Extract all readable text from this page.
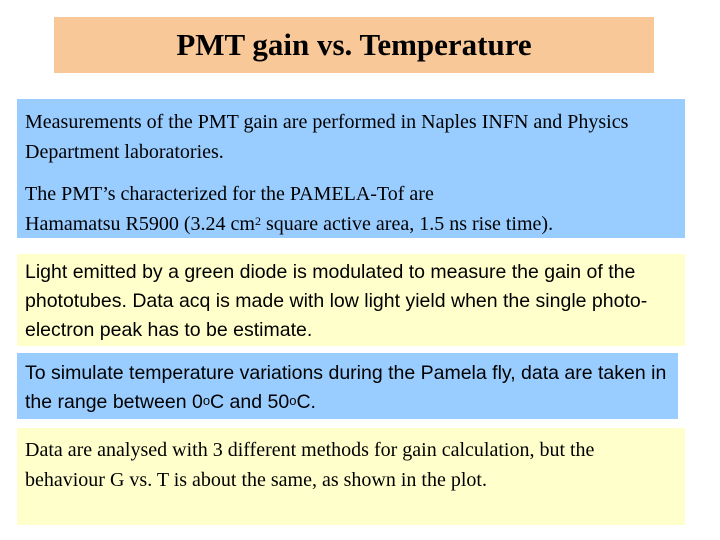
PMT gain vs. Temperature

Measurements of the PMT gain are performed in Naples INFN and Physics Department laboratories.

The PMT’s characterized for the PAMELA-Tof are
Hamamatsu R5900 (3.24 $cm^2$ square active area, 1.5 ns rise time).

Light emitted by a green diode is modulated to measure the gain of the phototubes. Data acq is made with low light yield when the single photo-electron peak has to be estimate.

To simulate temperature variations during the Pamela fly, data are taken in the range between 0$^o$C and 50$^o$C.

Data are analysed with 3 different methods for gain calculation, but the behaviour G vs. T is about the same, as shown in the plot.
